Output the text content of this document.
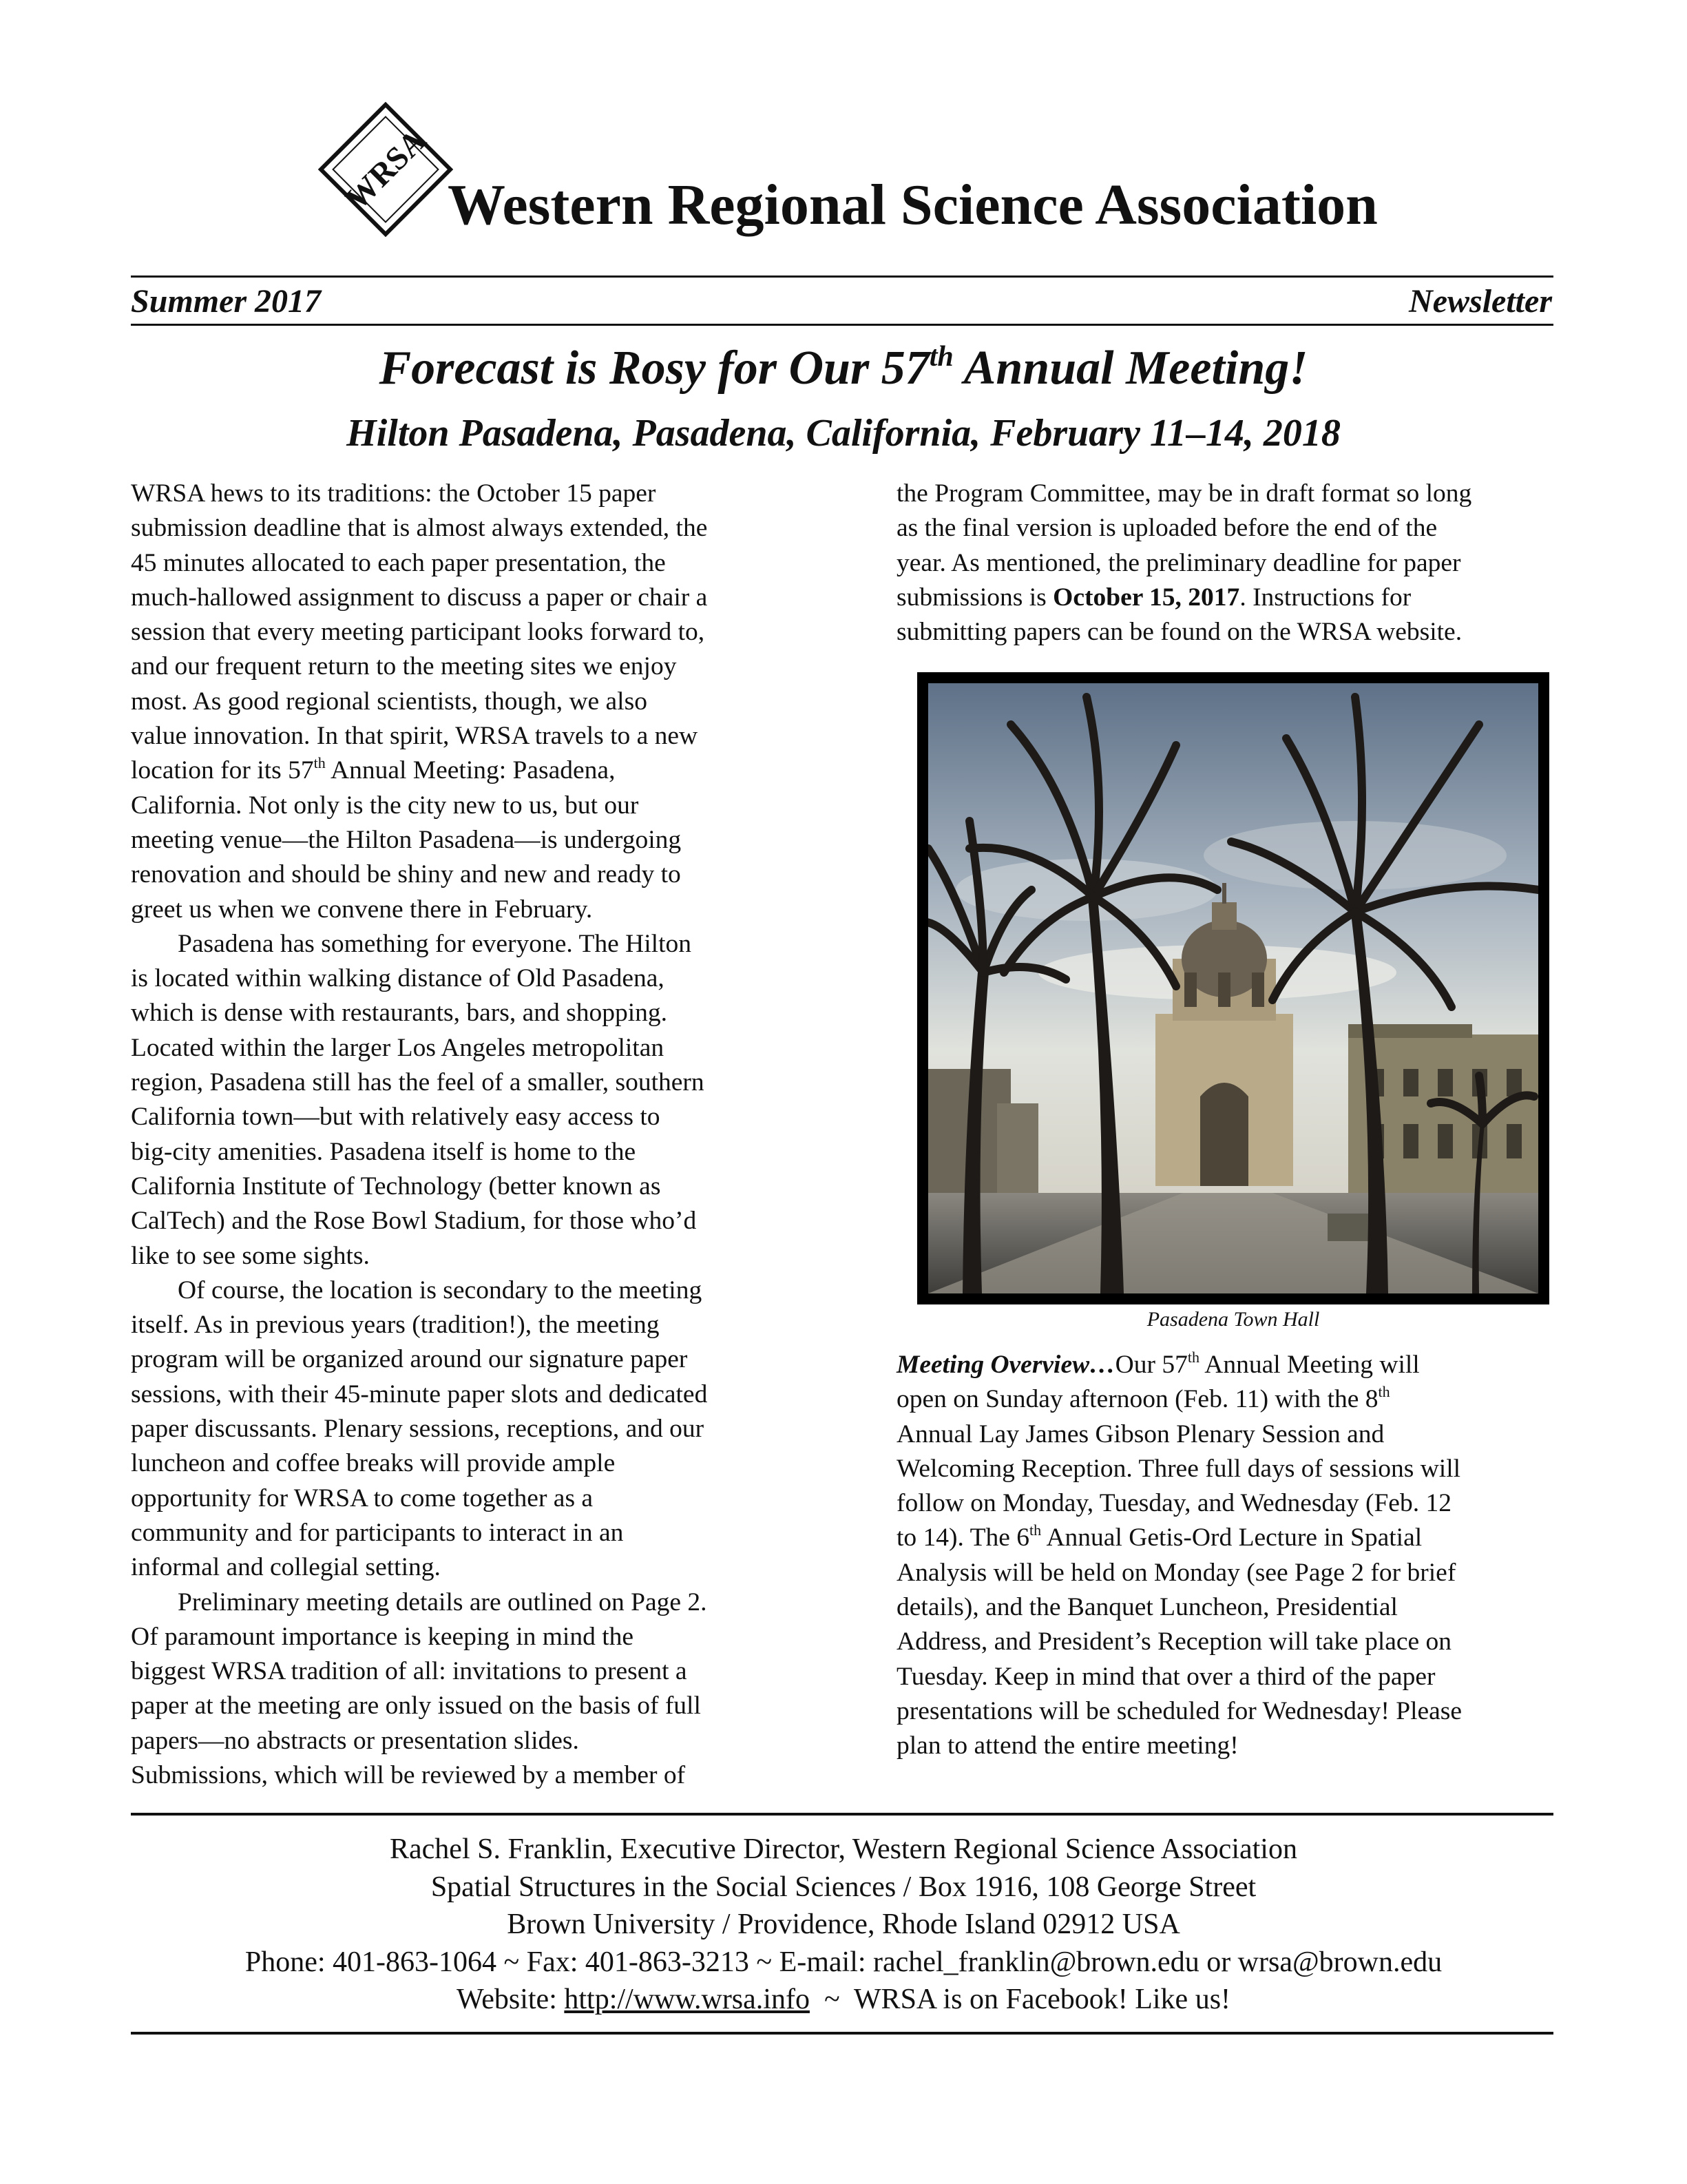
WRSA Western Regional Science Association
Summer 2017	Newsletter
Forecast is Rosy for Our 57th Annual Meeting!
Hilton Pasadena, Pasadena, California, February 11–14, 2018

WRSA hews to its traditions: the October 15 paper
submission deadline that is almost always extended, the
45 minutes allocated to each paper presentation, the
much-hallowed assignment to discuss a paper or chair a
session that every meeting participant looks forward to,
and our frequent return to the meeting sites we enjoy
most. As good regional scientists, though, we also
value innovation. In that spirit, WRSA travels to a new
location for its 57th Annual Meeting: Pasadena,
California. Not only is the city new to us, but our
meeting venue—the Hilton Pasadena—is undergoing
renovation and should be shiny and new and ready to
greet us when we convene there in February.

Pasadena has something for everyone. The Hilton
is located within walking distance of Old Pasadena,
which is dense with restaurants, bars, and shopping.
Located within the larger Los Angeles metropolitan
region, Pasadena still has the feel of a smaller, southern
California town—but with relatively easy access to
big-city amenities. Pasadena itself is home to the
California Institute of Technology (better known as
CalTech) and the Rose Bowl Stadium, for those who’d
like to see some sights.

Of course, the location is secondary to the meeting
itself. As in previous years (tradition!), the meeting
program will be organized around our signature paper
sessions, with their 45-minute paper slots and dedicated
paper discussants. Plenary sessions, receptions, and our
luncheon and coffee breaks will provide ample
opportunity for WRSA to come together as a
community and for participants to interact in an
informal and collegial setting.

Preliminary meeting details are outlined on Page 2.
Of paramount importance is keeping in mind the
biggest WRSA tradition of all: invitations to present a
paper at the meeting are only issued on the basis of full
papers—no abstracts or presentation slides.
Submissions, which will be reviewed by a member of

the Program Committee, may be in draft format so long
as the final version is uploaded before the end of the
year. As mentioned, the preliminary deadline for paper
submissions is October 15, 2017. Instructions for
submitting papers can be found on the WRSA website.

Pasadena Town Hall

Meeting Overview…Our 57th Annual Meeting will
open on Sunday afternoon (Feb. 11) with the 8th
Annual Lay James Gibson Plenary Session and
Welcoming Reception. Three full days of sessions will
follow on Monday, Tuesday, and Wednesday (Feb. 12
to 14). The 6th Annual Getis-Ord Lecture in Spatial
Analysis will be held on Monday (see Page 2 for brief
details), and the Banquet Luncheon, Presidential
Address, and President’s Reception will take place on
Tuesday. Keep in mind that over a third of the paper
presentations will be scheduled for Wednesday! Please
plan to attend the entire meeting!

Rachel S. Franklin, Executive Director, Western Regional Science Association
Spatial Structures in the Social Sciences / Box 1916, 108 George Street
Brown University / Providence, Rhode Island 02912 USA
Phone: 401-863-1064 ~ Fax: 401-863-3213 ~ E-mail: rachel_franklin@brown.edu or wrsa@brown.edu
Website: http://www.wrsa.info  ~  WRSA is on Facebook! Like us!
